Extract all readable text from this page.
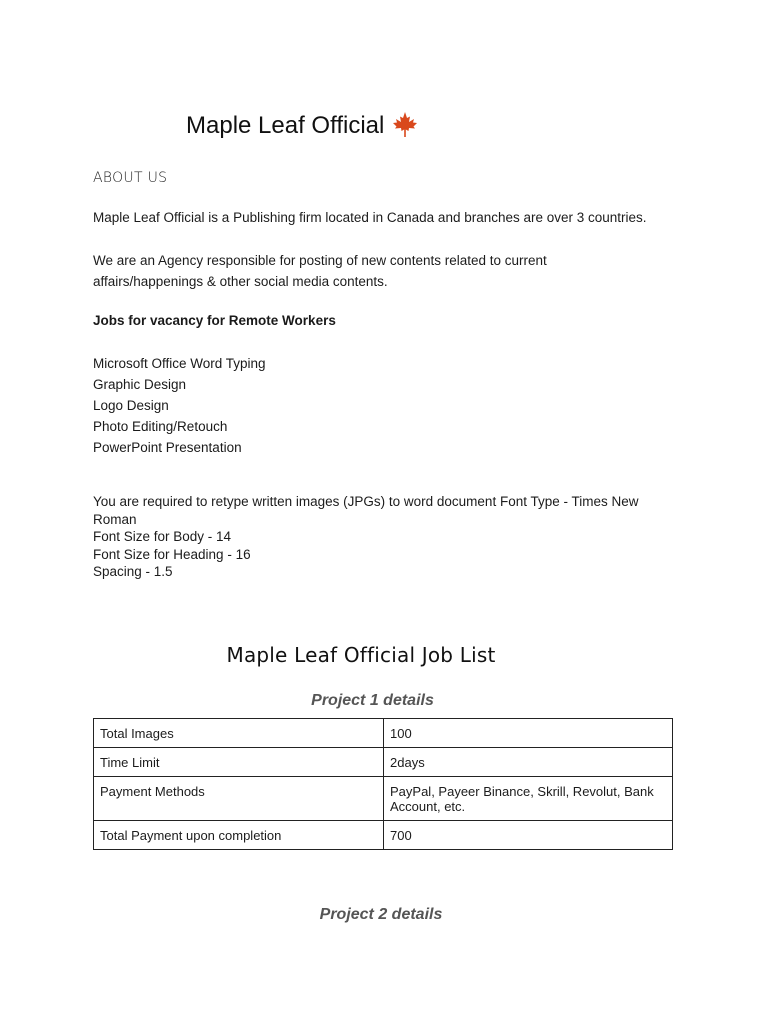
Maple Leaf Official
ABOUT US
Maple Leaf Official is a Publishing firm located in Canada and branches are over 3 countries.
We are an Agency responsible for posting of new contents related to current
affairs/happenings & other social media contents.
Jobs for vacancy for Remote Workers
Microsoft Office Word Typing
Graphic Design
Logo Design
Photo Editing/Retouch
PowerPoint Presentation
You are required to retype written images (JPGs) to word document Font Type - Times New Roman
Font Size for Body - 14
Font Size for Heading - 16
Spacing - 1.5
Maple Leaf Official Job List
Project 1 details
Total Images	100
Time Limit	2days
Payment Methods	PayPal, Payeer Binance, Skrill, Revolut, Bank Account, etc.
Total Payment upon completion	700
Project 2 details
